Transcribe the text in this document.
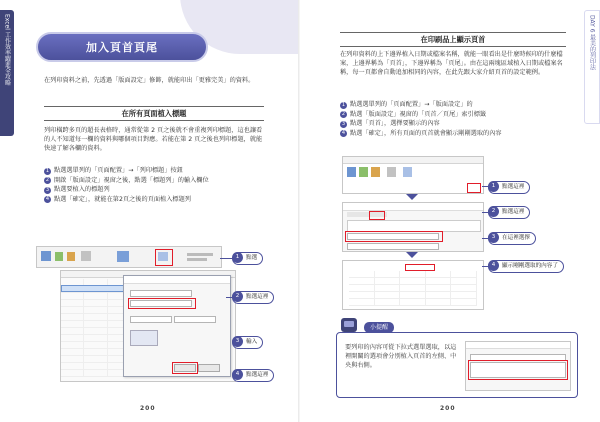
Excel 工作效率躍進全攻略	加入頁首頁尾
在列印資料之前，先透過「版面設定」修飾，就能印出「更雅完美」的資料。
在所有頁面植入標題
列印橫跨多頁的超長表格時，通常從第 2 頁之後就不會重複列印標題，這也讓看的人不知道每一欄的資料與哪個項目對應。若能在第 2 頁之後也列印標題，就能快速了解各欄的資料。
1 點選選單列的「頁面配置」→「列印標題」按鈕
2 開啟「版面設定」視窗之後，點選「標題列」的輸入欄位
3 點選要植入的標題列
4 點選「確定」，就能在第2頁之後的頁面植入標題列
1	點選
2	點選這裡
3	輸入
4	點選這裡
200
DAY 6 最美的列印法
在印刷品上顯示頁首
在列印資料的上下邊界植入日期或檔案名稱，就能一眼看出是什麼時候印的什麼檔案，上邊界稱為「頁首」，下邊界稱為「頁尾」。由在這兩塊區域植入日期或檔案名稱，每一頁都會自動追加相同的內容，在此先跟大家介紹頁首的設定範例。
1 點選選單列的「頁面配置」→「版面設定」的
2 點選「版面設定」視窗的「頁首／頁尾」索引標籤
3 點選「頁首」，選擇要顯示的內容
4 點選「確定」，所有頁面的頁首就會顯示剛剛選取的內容
1	點選這裡
2	點選這裡
3	在這裡選擇
4	顯示剛剛選取的內容了
200
要列印的內容可從下拉式選單選取，以這裡開關的選項會分別植入頁首的左側、中央與右側。
小提醒
